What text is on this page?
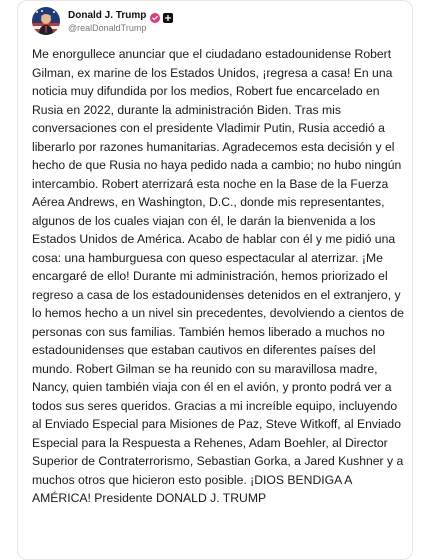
Donald J. Trump
@realDonaldTrump

Me enorgullece anunciar que el ciudadano estadounidense Robert Gilman, ex marine de los Estados Unidos, ¡regresa a casa! En una noticia muy difundida por los medios, Robert fue encarcelado en Rusia en 2022, durante la administración Biden. Tras mis conversaciones con el presidente Vladimir Putin, Rusia accedió a liberarlo por razones humanitarias. Agradecemos esta decisión y el hecho de que Rusia no haya pedido nada a cambio; no hubo ningún intercambio. Robert aterrizará esta noche en la Base de la Fuerza Aérea Andrews, en Washington, D.C., donde mis representantes, algunos de los cuales viajan con él, le darán la bienvenida a los Estados Unidos de América. Acabo de hablar con él y me pidió una cosa: una hamburguesa con queso espectacular al aterrizar. ¡Me encargaré de ello! Durante mi administración, hemos priorizado el regreso a casa de los estadounidenses detenidos en el extranjero, y lo hemos hecho a un nivel sin precedentes, devolviendo a cientos de personas con sus familias. También hemos liberado a muchos no estadounidenses que estaban cautivos en diferentes países del mundo. Robert Gilman se ha reunido con su maravillosa madre, Nancy, quien también viaja con él en el avión, y pronto podrá ver a todos sus seres queridos. Gracias a mi increíble equipo, incluyendo al Enviado Especial para Misiones de Paz, Steve Witkoff, al Enviado Especial para la Respuesta a Rehenes, Adam Boehler, al Director Superior de Contraterrorismo, Sebastian Gorka, a Jared Kushner y a muchos otros que hicieron esto posible. ¡DIOS BENDIGA A AMÉRICA! Presidente DONALD J. TRUMP
